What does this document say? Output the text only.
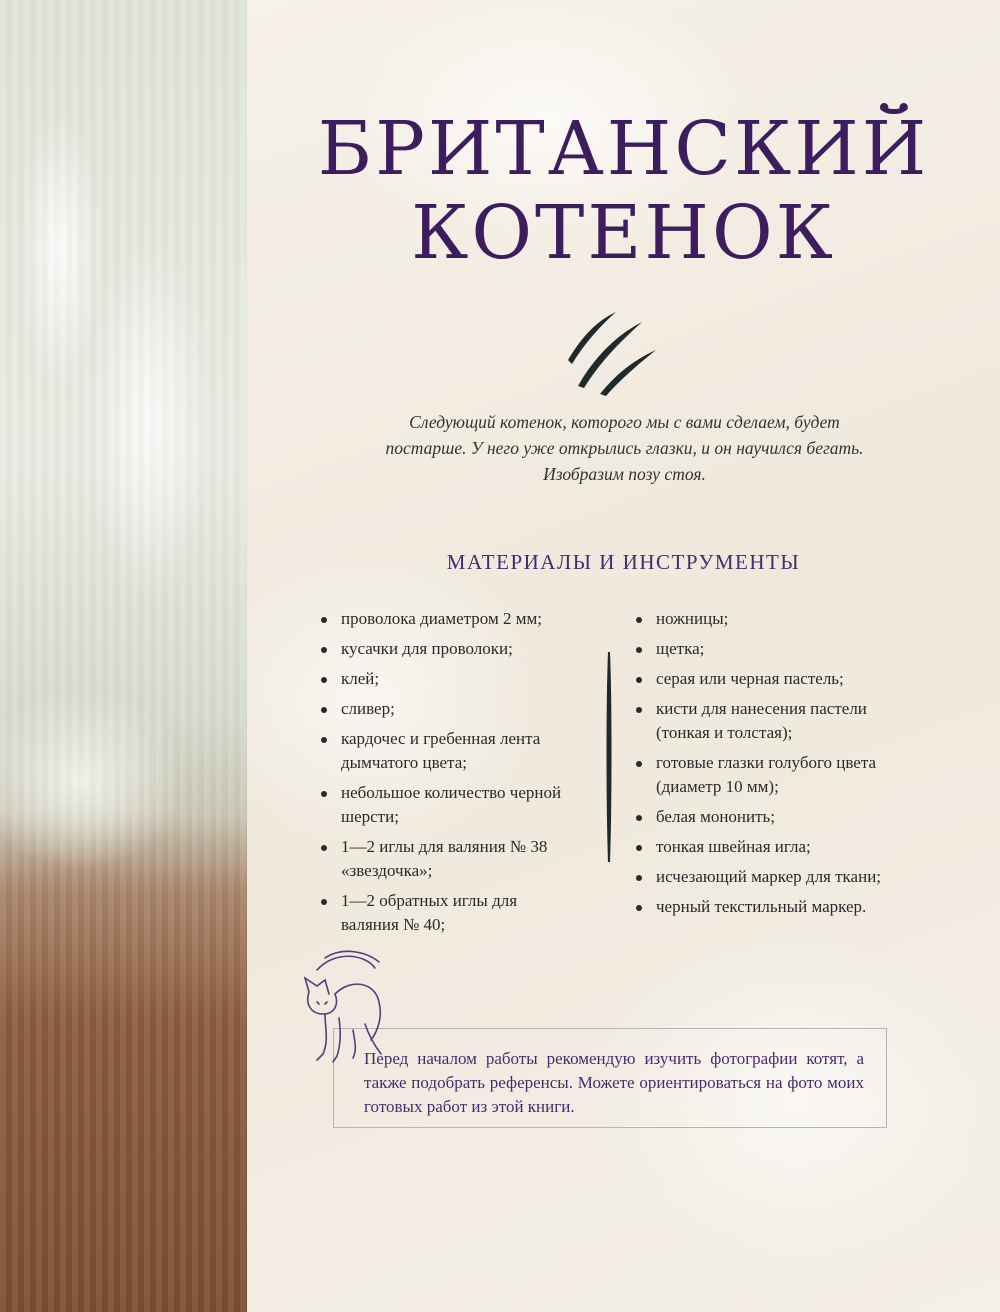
БРИТАНСКИЙ
КОТЕНОК
Следующий котенок, которого мы с вами сделаем, будет постарше. У него уже открылись глазки, и он научился бегать. Изобразим позу стоя.
МАТЕРИАЛЫ И ИНСТРУМЕНТЫ
проволока диаметром 2 мм;
кусачки для проволоки;
клей;
сливер;
кардочес и гребенная лента дымчатого цвета;
небольшое количество черной шерсти;
1—2 иглы для валяния № 38 «звездочка»;
1—2 обратных иглы для валяния № 40;
ножницы;
щетка;
серая или черная пастель;
кисти для нанесения пастели (тонкая и толстая);
готовые глазки голубого цвета (диаметр 10 мм);
белая мононить;
тонкая швейная игла;
исчезающий маркер для ткани;
черный текстильный маркер.
Перед началом работы рекомендую изучить фотографии котят, а также подобрать референсы. Можете ориентироваться на фото моих готовых работ из этой книги.
